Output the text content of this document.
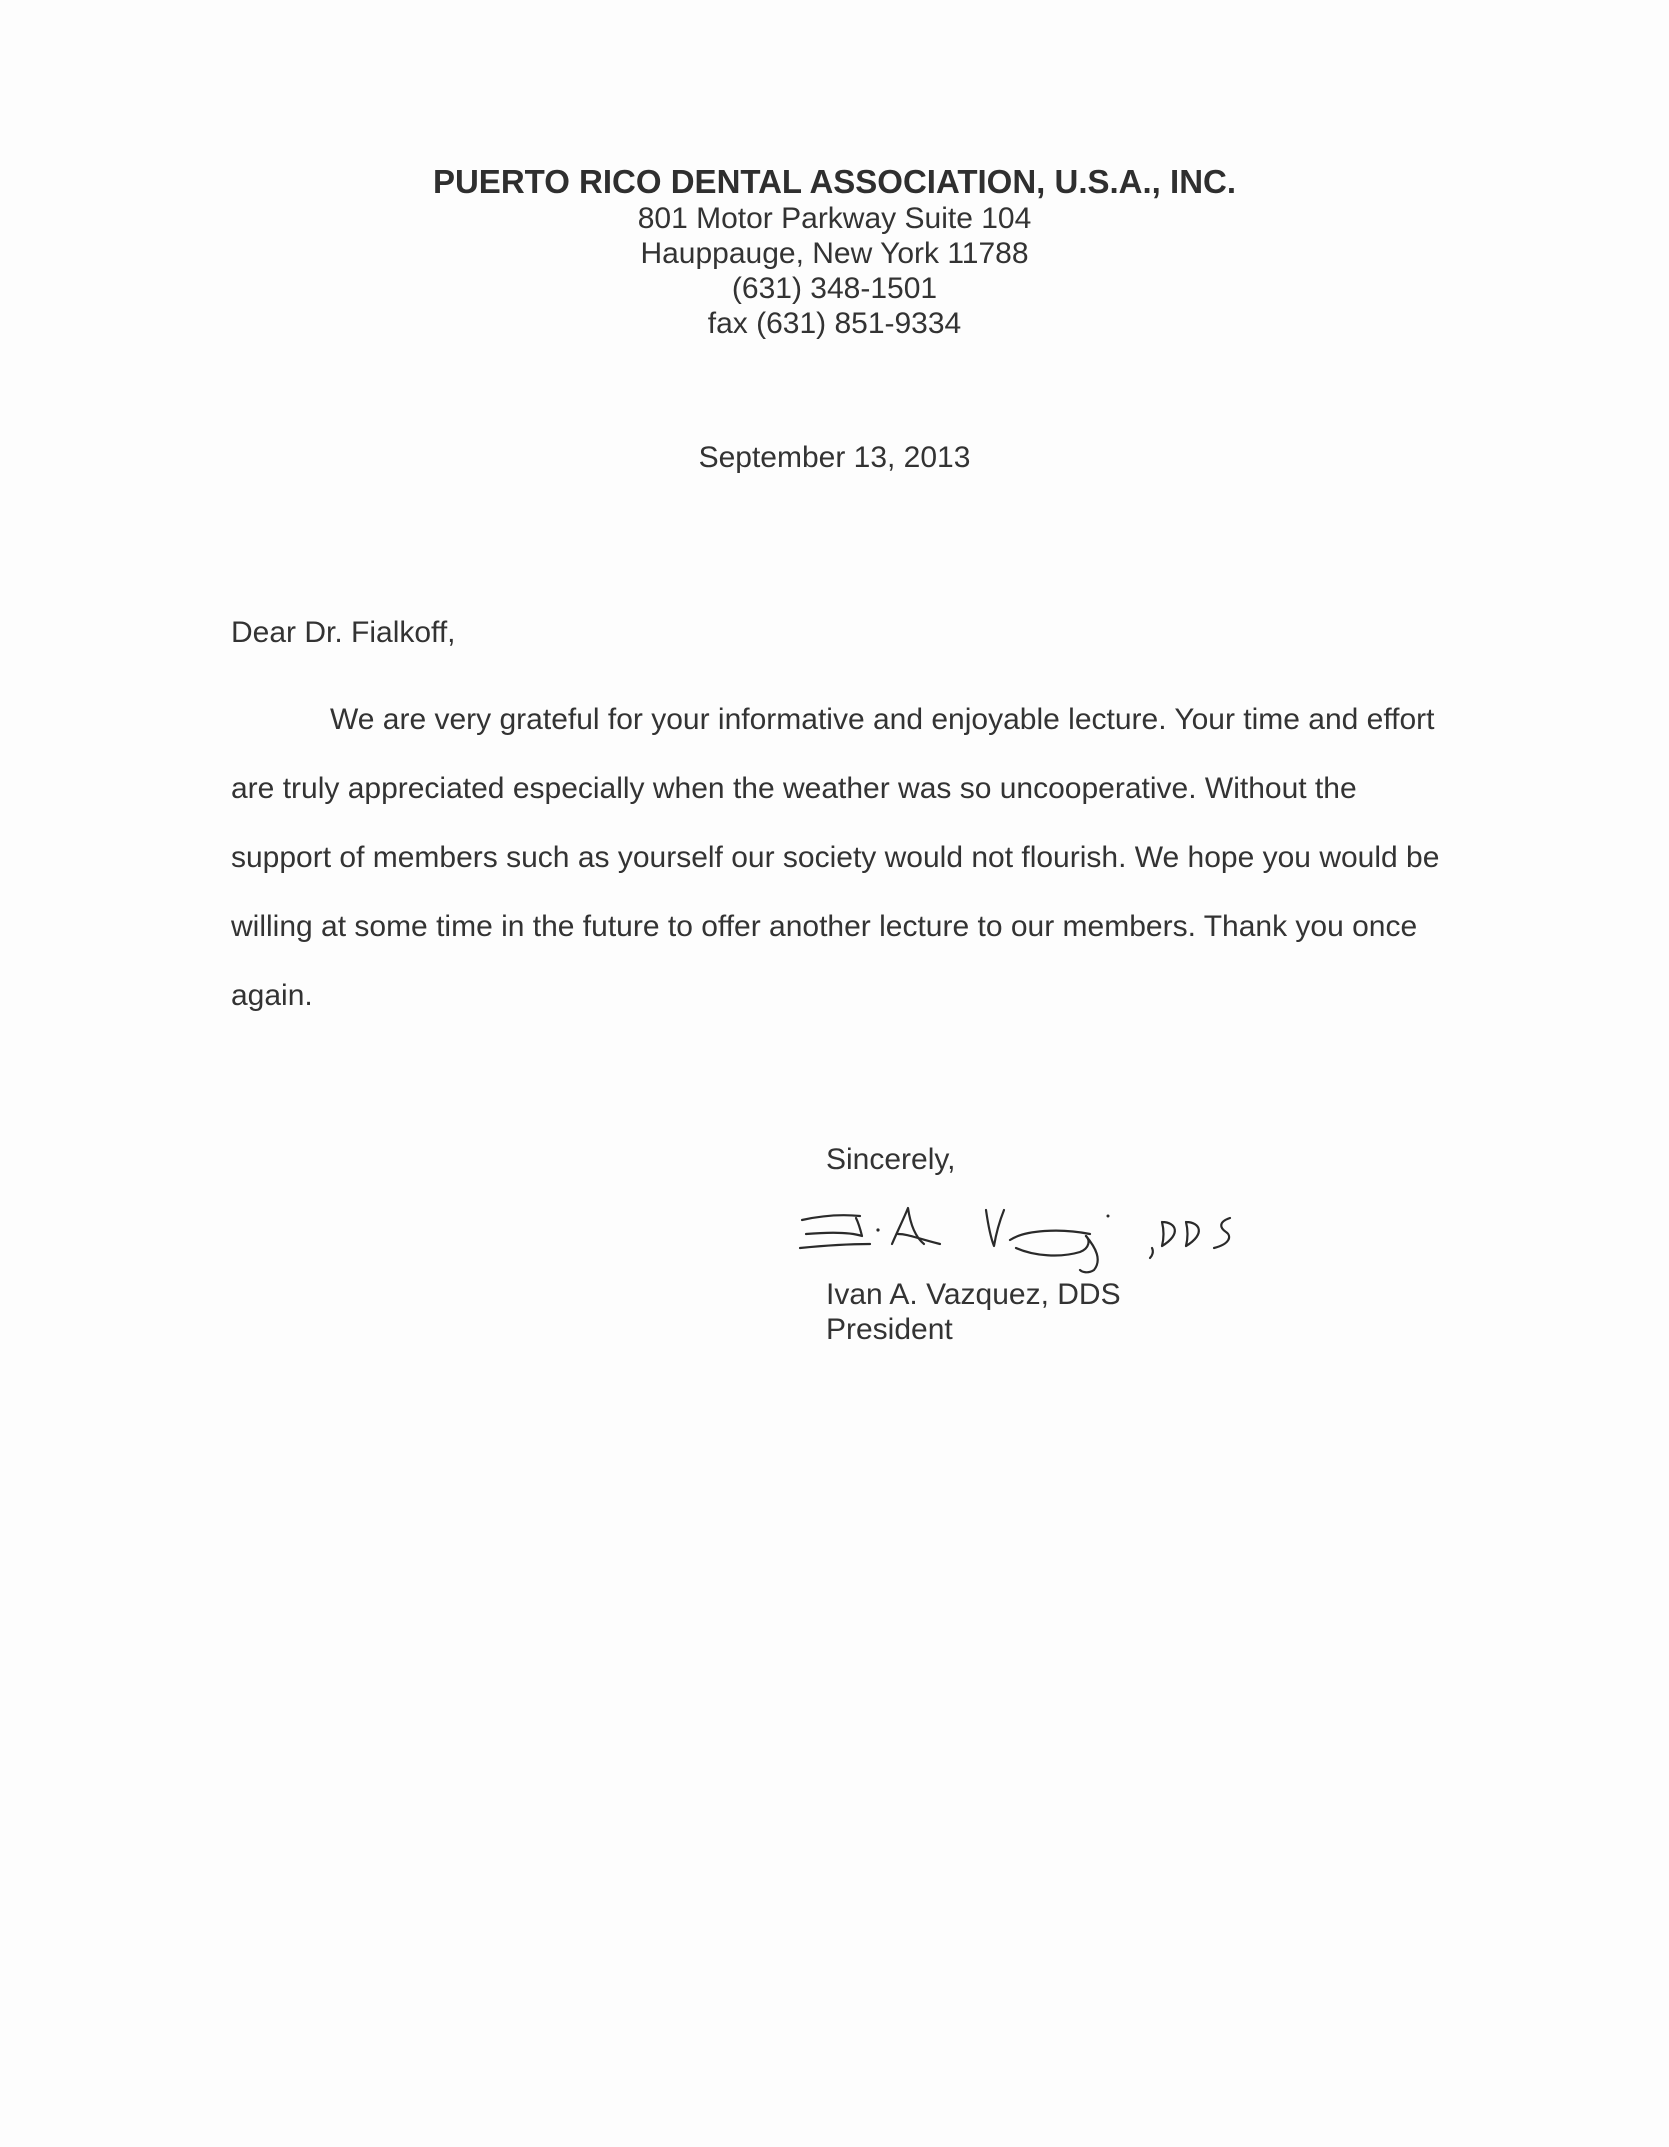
PUERTO RICO DENTAL ASSOCIATION, U.S.A., INC.
801 Motor Parkway Suite 104
Hauppauge, New York 11788
(631) 348-1501
fax (631) 851-9334
September 13, 2013
Dear Dr. Fialkoff,
We are very grateful for your informative and enjoyable lecture. Your time and effort are truly appreciated especially when the weather was so uncooperative. Without the support of members such as yourself our society would not flourish. We hope you would be willing at some time in the future to offer another lecture to our members. Thank you once again.
Sincerely,
Ivan A. Vazquez, DDS
President
